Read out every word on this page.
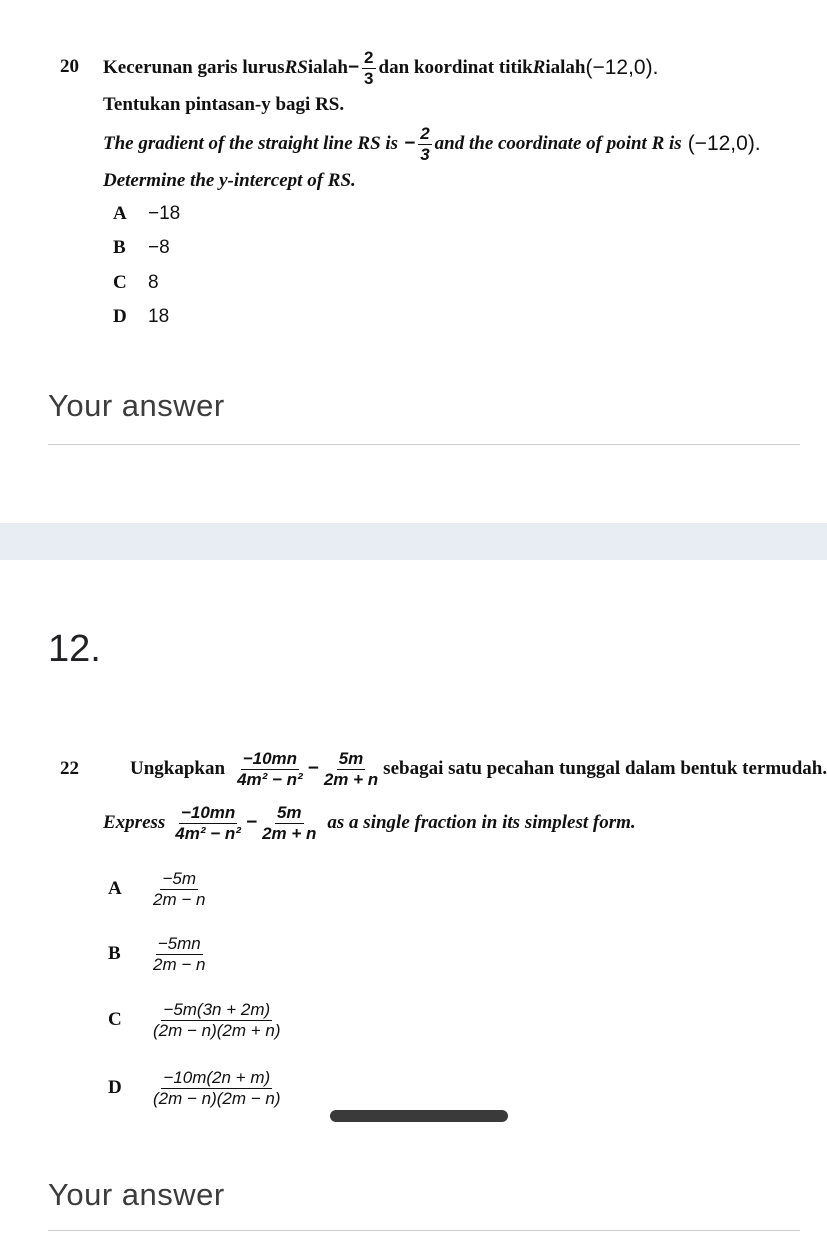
20 Kecerunan garis lurus RS ialah − $\frac{2}{3}$ dan koordinat titik R ialah (−12,0).
Tentukan pintasan-y bagi RS.
The gradient of the straight line RS is − $\frac{2}{3}$ and the coordinate of point R is (−12,0).
Determine the y-intercept of RS.
A −18
B −8
C 8
D 18
Your answer
12.
22	Ungkapkan $\frac{-10mn}{\text{4m² − n²}} - \frac{5m}{2m + n}$ sebagai satu pecahan tunggal dalam bentuk termudah.
Express $\frac{-10mn}{\text{4m² − n²}} - \frac{5m}{2m + n}$ as a single fraction in its simplest form.
A	$\frac{-5m}{2m - n}$
B	$\frac{-5mn}{2m - n}$
C	$\frac{-5m(3n + 2m)}{(2m - n)(2m + n)}$
D	$\frac{-10m(2n + m)}{(2m - n)(2m - n)}$
Your answer
